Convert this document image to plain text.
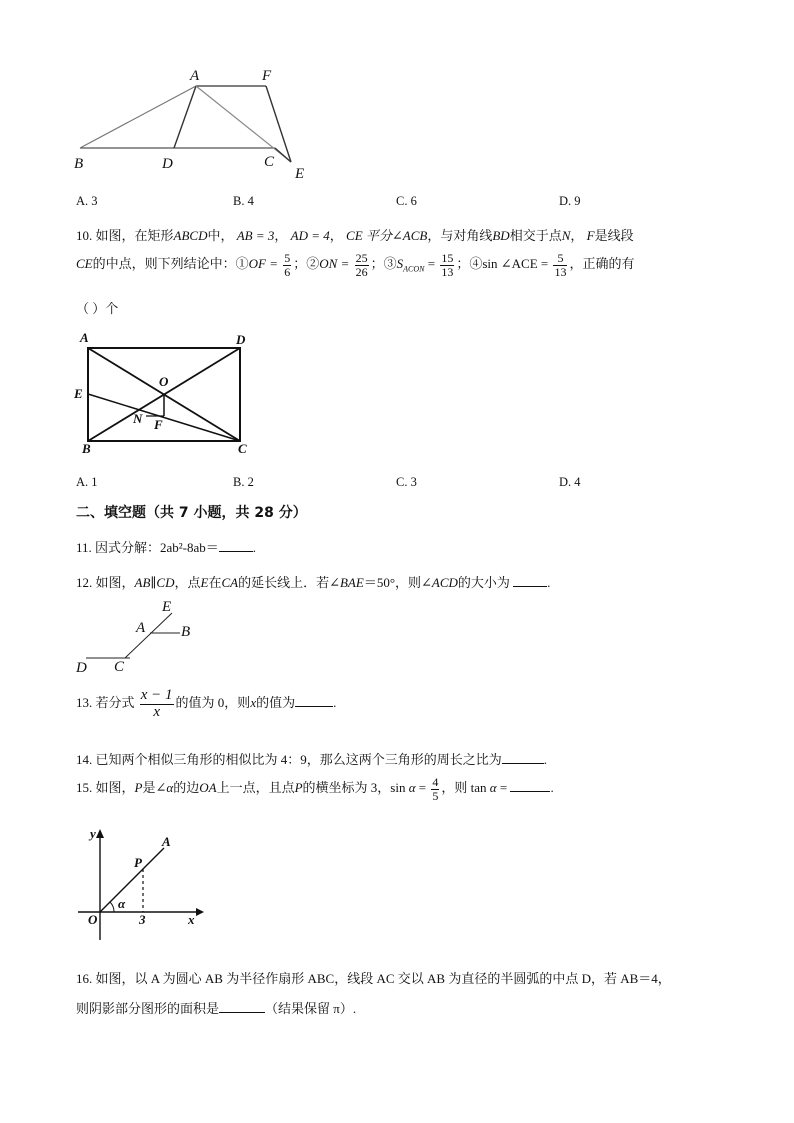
A	F
B	D	C
E
A. 3	B. 4	C. 6	D. 9
10. 如图，在矩形ABCD中， AB = 3， AD = 4， CE 平分∠ACB，与对角线BD相交于点N， F是线段
CE的中点，则下列结论中：①OF = $\frac{5}{6}$ ；②ON = $\frac{25}{26}$ ；$③S_{ACON} = \frac{15}{13}$ ；④sin ∠ACE = $\frac{5}{13}$ ，正确的有
（ ）个
A	D
E
O
N F
B	C
A. 1	B. 2	C. 3	D. 4
二、填空题（共 7 小题，共 28 分）
11. 因式分解：2ab²-8ab＝	.
12. 如图，AB∥CD，点E在CA的延长线上．若∠BAE＝50°，则∠ACD的大小为	.
E
A B
D C
13. 若分式 $\frac{x - 1}{x}$ 的值为 0，则x的值为	.
14. 已知两个相似三角形的相似比为 4：9，那么这两个三角形的周长之比为	.
15. 如图，P是∠α的边OA上一点，且点P的横坐标为 3，$\sin \alpha = \frac{4}{5}$ ，则 tan α =	.
y
A
P
α
O	3	x
16. 如图，以 A 为圆心 AB 为半径作扇形 ABC，线段 AC 交以 AB 为直径的半圆弧的中点 D，若 AB＝4，
则阴影部分图形的面积是	（结果保留 π）.
